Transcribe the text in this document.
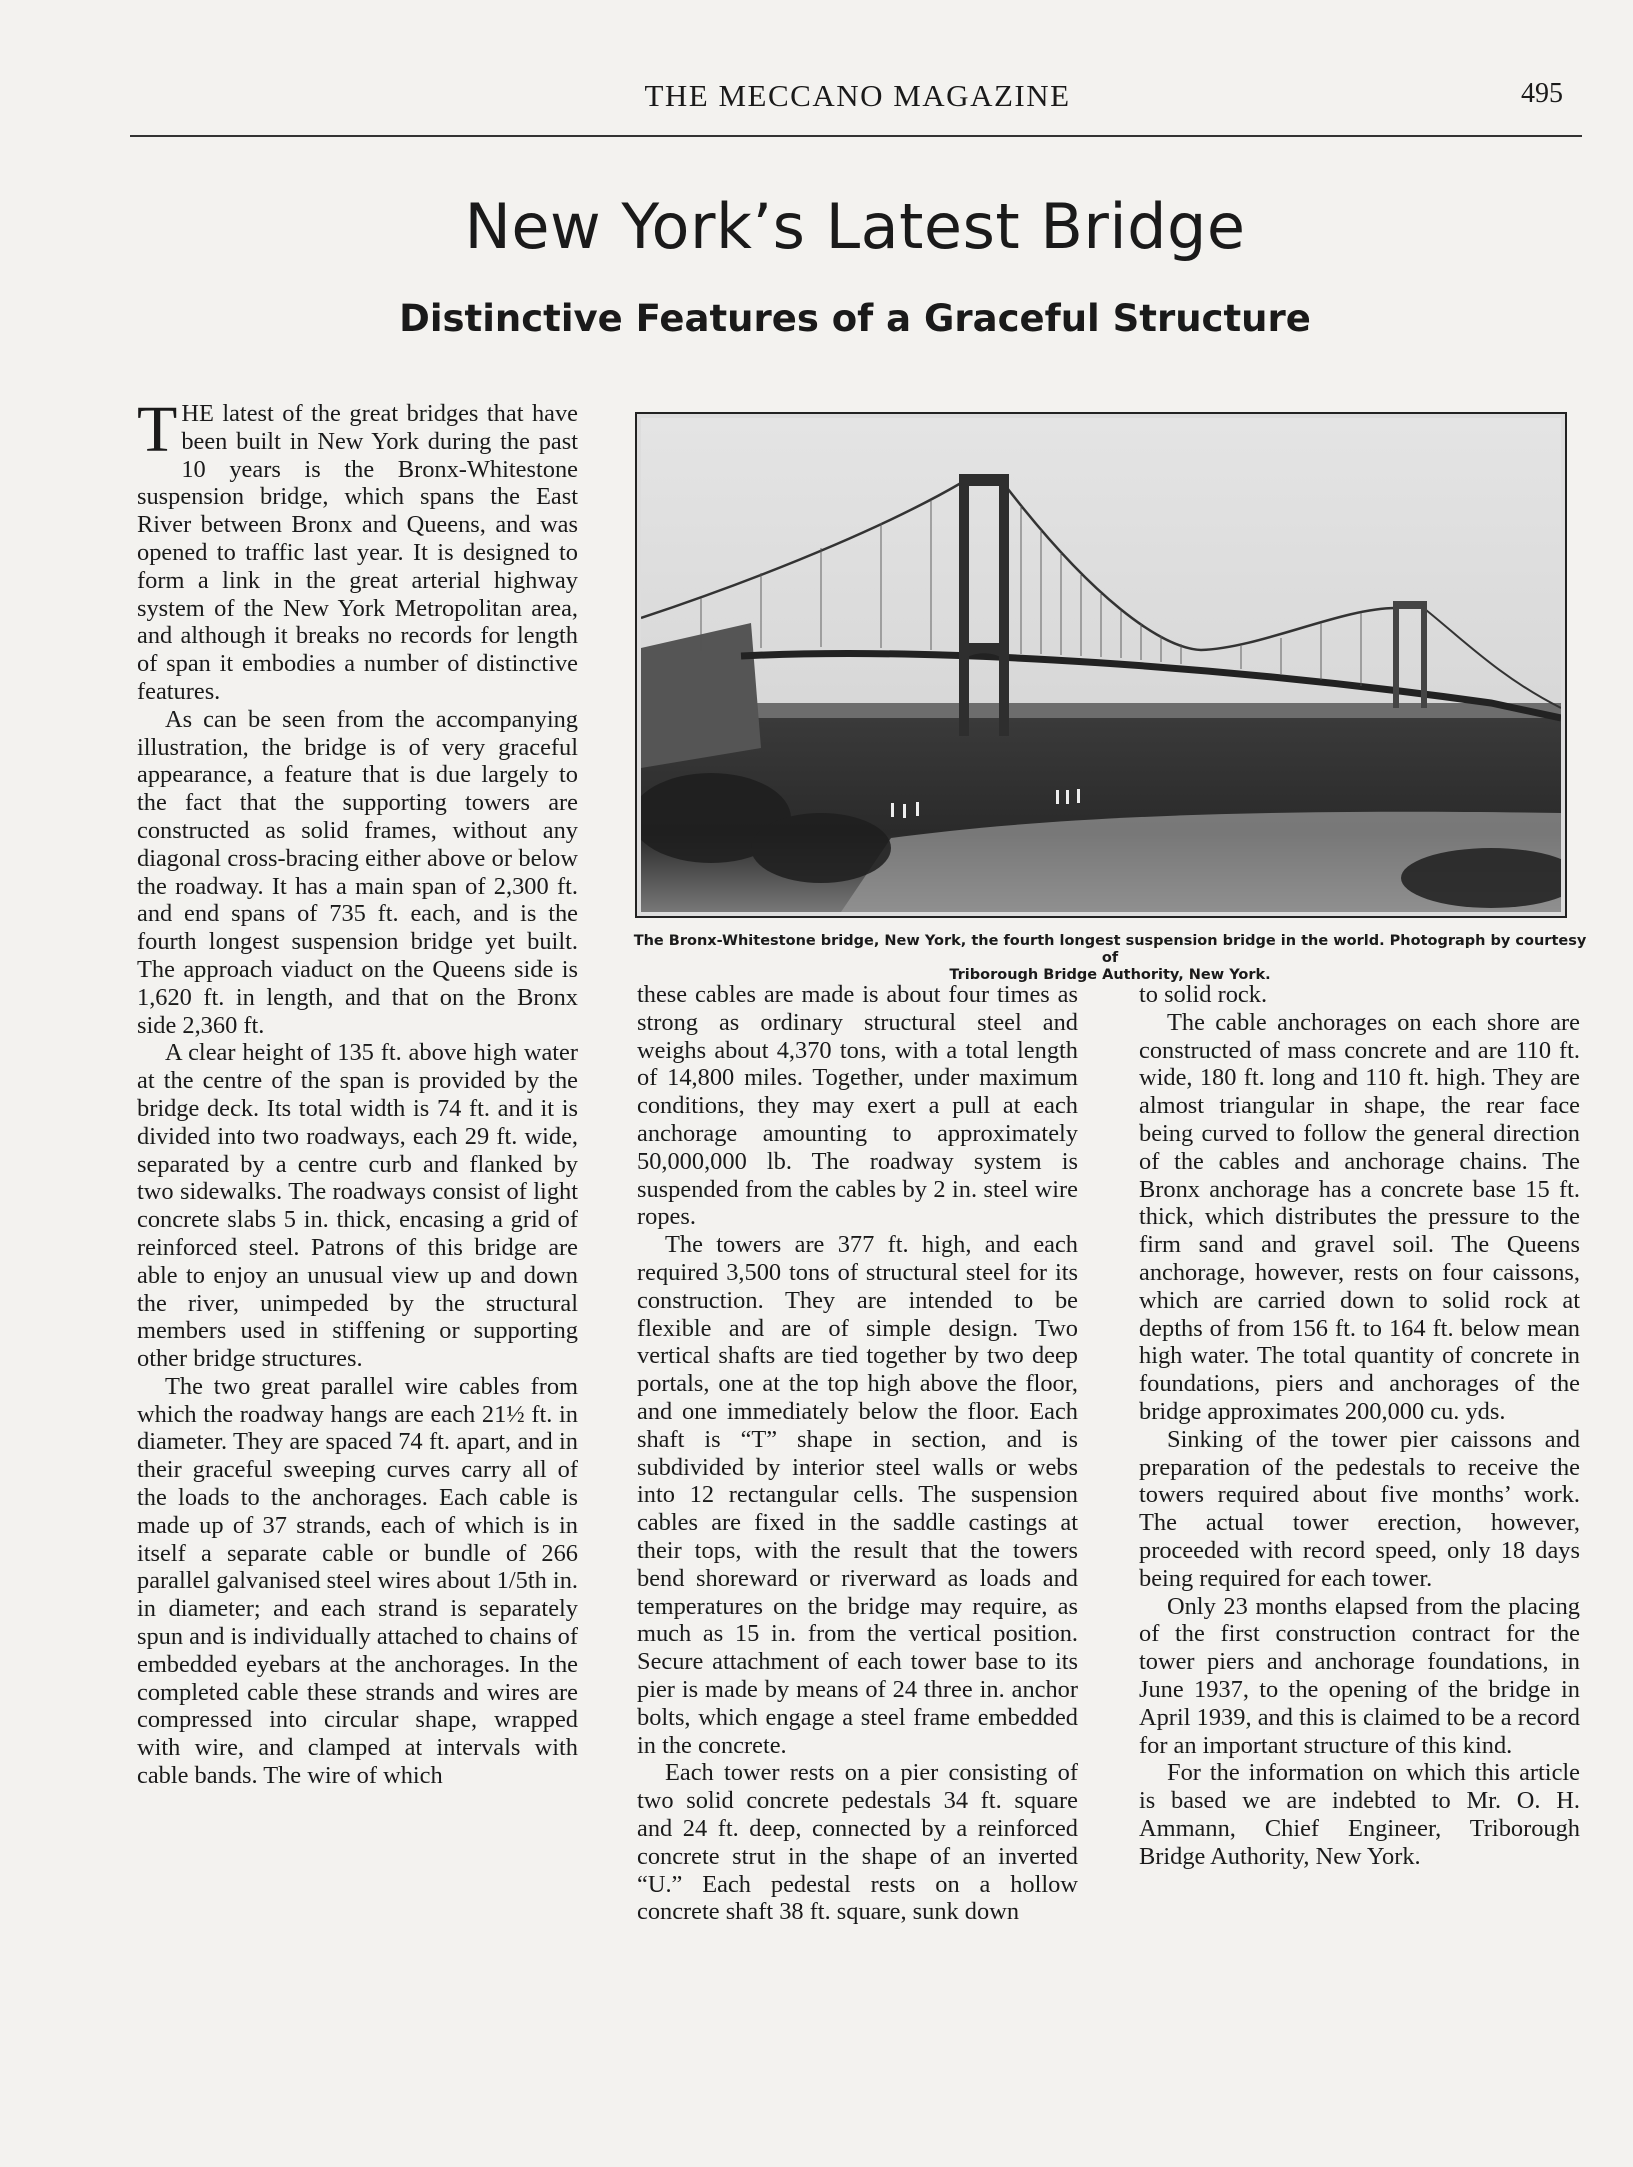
THE MECCANO MAGAZINE	495
New York’s Latest Bridge
Distinctive Features of a Graceful Structure

THE latest of the great bridges that have been built in New York during the past 10 years is the Bronx-Whitestone suspension bridge, which spans the East River between Bronx and Queens, and was opened to traffic last year. It is designed to form a link in the great arterial highway system of the New York Metropolitan area, and although it breaks no records for length of span it embodies a number of distinctive features.

As can be seen from the accompanying illustration, the bridge is of very graceful appearance, a feature that is due largely to the fact that the supporting towers are constructed as solid frames, without any diagonal cross-bracing either above or below the roadway. It has a main span of 2,300 ft. and end spans of 735 ft. each, and is the fourth longest suspension bridge yet built. The approach viaduct on the Queens side is 1,620 ft. in length, and that on the Bronx side 2,360 ft.

A clear height of 135 ft. above high water at the centre of the span is provided by the bridge deck. Its total width is 74 ft. and it is divided into two roadways, each 29 ft. wide, separated by a centre curb and flanked by two sidewalks. The roadways consist of light concrete slabs 5 in. thick, encasing a grid of reinforced steel. Patrons of this bridge are able to enjoy an unusual view up and down the river, unimpeded by the structural members used in stiffening or supporting other bridge structures.

The two great parallel wire cables from which the roadway hangs are each 21½ ft. in diameter. They are spaced 74 ft. apart, and in their graceful sweeping curves carry all of the loads to the anchorages. Each cable is made up of 37 strands, each of which is in itself a separate cable or bundle of 266 parallel galvanised steel wires about 1/5th in. in diameter; and each strand is separately spun and is individually attached to chains of embedded eyebars at the anchorages. In the completed cable these strands and wires are compressed into circular shape, wrapped with wire, and clamped at intervals with cable bands. The wire of which

The Bronx-Whitestone bridge, New York, the fourth longest suspension bridge in the world. Photograph by courtesy of
Triborough Bridge Authority, New York.

these cables are made is about four times as strong as ordinary structural steel and weighs about 4,370 tons, with a total length of 14,800 miles. Together, under maximum conditions, they may exert a pull at each anchorage amounting to approximately 50,000,000 lb. The roadway system is suspended from the cables by 2 in. steel wire ropes.

The towers are 377 ft. high, and each required 3,500 tons of structural steel for its construction. They are intended to be flexible and are of simple design. Two vertical shafts are tied together by two deep portals, one at the top high above the floor, and one immediately below the floor. Each shaft is “T” shape in section, and is subdivided by interior steel walls or webs into 12 rectangular cells. The suspension cables are fixed in the saddle castings at their tops, with the result that the towers bend shoreward or riverward as loads and temperatures on the bridge may require, as much as 15 in. from the vertical position. Secure attachment of each tower base to its pier is made by means of 24 three in. anchor bolts, which engage a steel frame embedded in the concrete.

Each tower rests on a pier consisting of two solid concrete pedestals 34 ft. square and 24 ft. deep, connected by a reinforced concrete strut in the shape of an inverted “U.” Each pedestal rests on a hollow concrete shaft 38 ft. square, sunk down

to solid rock.

The cable anchorages on each shore are constructed of mass concrete and are 110 ft. wide, 180 ft. long and 110 ft. high. They are almost triangular in shape, the rear face being curved to follow the general direction of the cables and anchorage chains. The Bronx anchorage has a concrete base 15 ft. thick, which distributes the pressure to the firm sand and gravel soil. The Queens anchorage, however, rests on four caissons, which are carried down to solid rock at depths of from 156 ft. to 164 ft. below mean high water. The total quantity of concrete in foundations, piers and anchorages of the bridge approximates 200,000 cu. yds.

Sinking of the tower pier caissons and preparation of the pedestals to receive the towers required about five months’ work. The actual tower erection, however, proceeded with record speed, only 18 days being required for each tower.

Only 23 months elapsed from the placing of the first construction contract for the tower piers and anchorage foundations, in June 1937, to the opening of the bridge in April 1939, and this is claimed to be a record for an important structure of this kind.

For the information on which this article is based we are indebted to Mr. O. H. Ammann, Chief Engineer, Triborough Bridge Authority, New York.
